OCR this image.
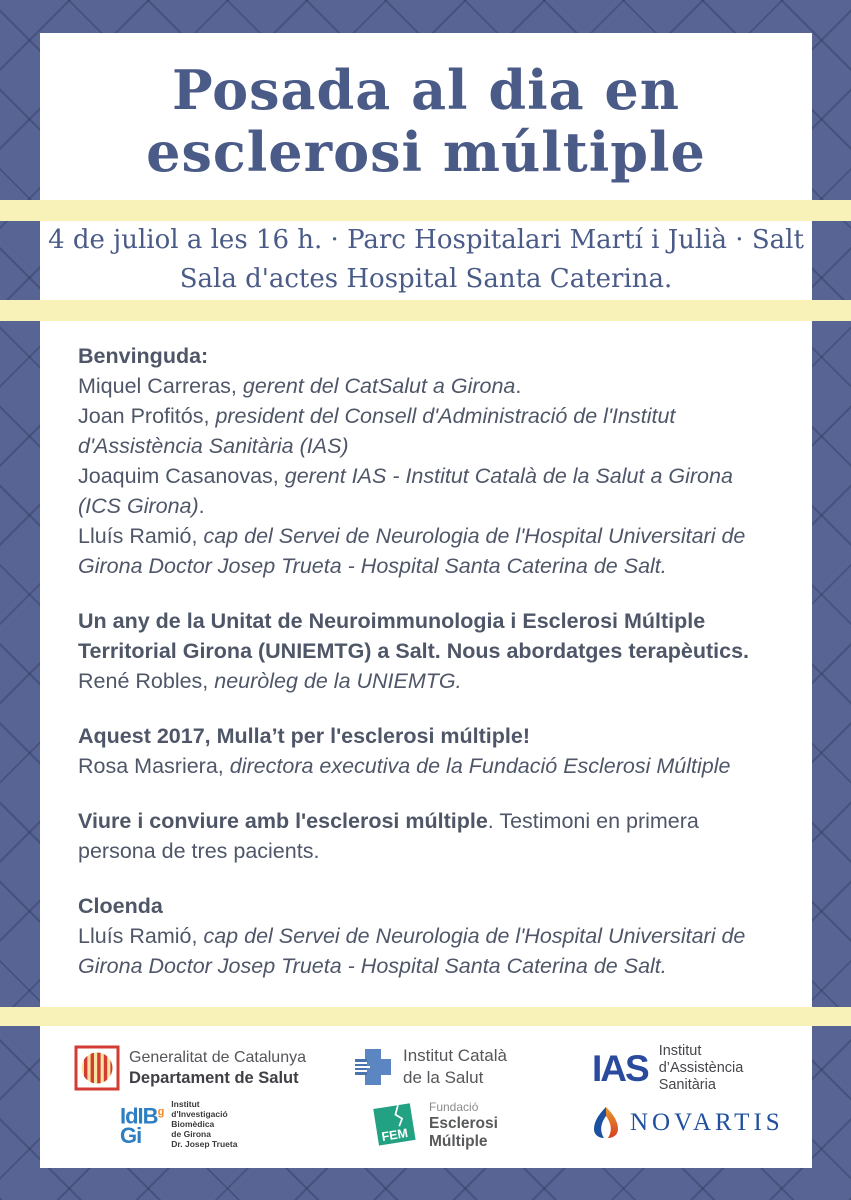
Posada al dia en
esclerosi múltiple
4 de juliol a les 16 h. · Parc Hospitalari Martí i Julià · Salt
Sala d'actes Hospital Santa Caterina.
Benvinguda:
Miquel Carreras, gerent del CatSalut a Girona.
Joan Profitós, president del Consell d'Administració de l'Institut d'Assistència Sanitària (IAS)
Joaquim Casanovas, gerent IAS - Institut Català de la Salut a Girona (ICS Girona).
Lluís Ramió, cap del Servei de Neurologia de l'Hospital Universitari de Girona Doctor Josep Trueta - Hospital Santa Caterina de Salt.
Un any de la Unitat de Neuroimmunologia i Esclerosi Múltiple Territorial Girona (UNIEMTG) a Salt. Nous abordatges terapèutics.
René Robles, neuròleg de la UNIEMTG.
Aquest 2017, Mulla’t per l'esclerosi múltiple!
Rosa Masriera, directora executiva de la Fundació Esclerosi Múltiple
Viure i conviure amb l'esclerosi múltiple. Testimoni en primera persona de tres pacients.
Cloenda
Lluís Ramió, cap del Servei de Neurologia de l'Hospital Universitari de Girona Doctor Josep Trueta - Hospital Santa Caterina de Salt.
Generalitat de Catalunya
Departament de Salut
Institut Català
de la Salut	IAS Institut
d’Assistència
Sanitària
IdIB$^g$
Gi
Institut
d'Investigació
Biomèdica
de Girona
Dr. Josep Trueta
FEM
Fundació
Esclerosi
Múltiple
NOVARTIS
